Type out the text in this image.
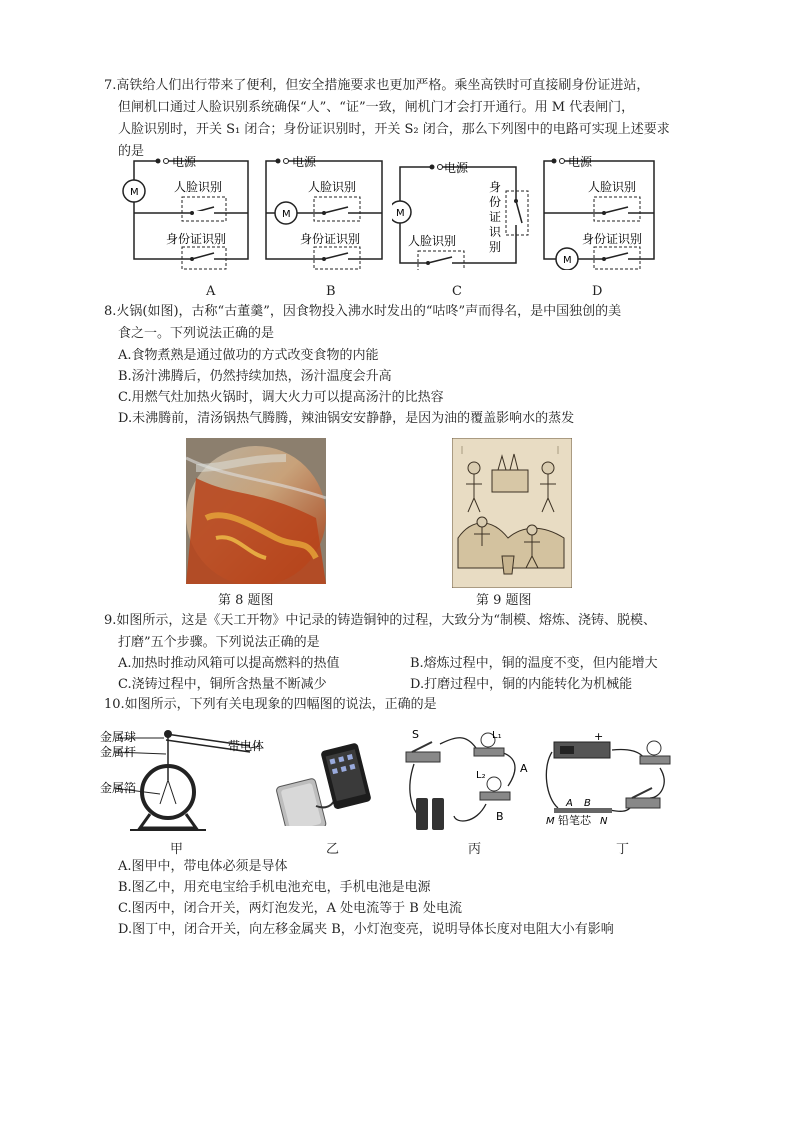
7.高铁给人们出行带来了便利，但安全措施要求也更加严格。乘坐高铁时可直接刷身份证进站，
但闸机口通过人脸识别系统确保“人”、“证”一致，闸机门才会打开通行。用 M 代表闸门，
人脸识别时，开关 S₁ 闭合；身份证识别时，开关 S₂ 闭合，那么下列图中的电路可实现上述要求
的是
电源
M	人脸识别
身份证识别
A
电源
M
人脸识别
身份证识别
B
电源
M
身
份
证
识
别
人脸识别
C
电源
M
人脸识别
身份证识别
D
8.火锅(如图)，古称“古董羹”，因食物投入沸水时发出的“咕咚”声而得名，是中国独创的美
食之一。下列说法正确的是
A.食物煮熟是通过做功的方式改变食物的内能
B.汤汁沸腾后，仍然持续加热，汤汁温度会升高
C.用燃气灶加热火锅时，调大火力可以提高汤汁的比热容
D.未沸腾前，清汤锅热气腾腾，辣油锅安安静静，是因为油的覆盖影响水的蒸发
第 8 题图	第 9 题图
9.如图所示，这是《天工开物》中记录的铸造铜钟的过程，大致分为“制模、熔炼、浇铸、脱模、
打磨”五个步骤。下列说法正确的是
A.加热时推动风箱可以提高燃料的热值	B.熔炼过程中，铜的温度不变，但内能增大
C.浇铸过程中，铜所含热量不断减少	D.打磨过程中，铜的内能转化为机械能
10.如图所示，下列有关电现象的四幅图的说法，正确的是
金属球
金属杆	带电体
金属箔
甲	乙
S	L₁
L₂
A
B
丙
+
A B
M 铅笔芯 N
丁
A.图甲中，带电体必须是导体
B.图乙中，用充电宝给手机电池充电，手机电池是电源
C.图丙中，闭合开关，两灯泡发光，A 处电流等于 B 处电流
D.图丁中，闭合开关，向左移金属夹 B，小灯泡变亮，说明导体长度对电阻大小有影响
